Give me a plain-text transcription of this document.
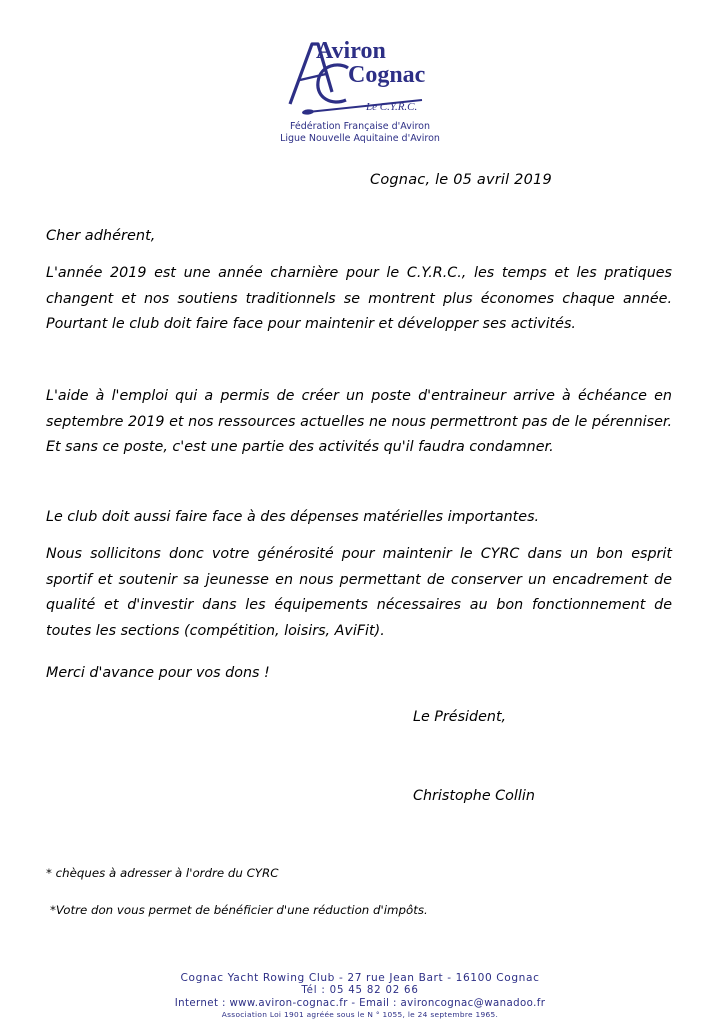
Aviron
Cognac
Le C.Y.R.C.
Fédération Française d'Aviron
Ligue Nouvelle Aquitaine d'Aviron
Cognac, le 05 avril 2019
Cher adhérent,
L'année 2019 est une année charnière pour le C.Y.R.C., les temps et les pratiques changent et nos soutiens traditionnels se montrent plus économes chaque année. Pourtant le club doit faire face pour maintenir et développer ses activités.
L'aide à l'emploi qui a permis de créer un poste d'entraineur arrive à échéance en septembre 2019 et nos ressources actuelles ne nous permettront pas de le pérenniser. Et sans ce poste, c'est une partie des activités qu'il faudra condamner.
Le club doit aussi faire face à des dépenses matérielles importantes.
Nous sollicitons donc votre générosité pour maintenir le CYRC dans un bon esprit sportif et soutenir sa jeunesse en nous permettant de conserver un encadrement de qualité et d'investir dans les équipements nécessaires au bon fonctionnement de toutes les sections (compétition, loisirs, AviFit).
Merci d'avance pour vos dons !
Le Président,
Christophe Collin
* chèques à adresser à l'ordre du CYRC
*Votre don vous permet de bénéficier d'une réduction d'impôts.
Cognac Yacht Rowing Club - 27 rue Jean Bart - 16100 Cognac
Tél : 05 45 82 02 66
Internet : www.aviron-cognac.fr - Email : avironcognac@wanadoo.fr
Association Loi 1901 agréée sous le N ° 1055, le 24 septembre 1965.
